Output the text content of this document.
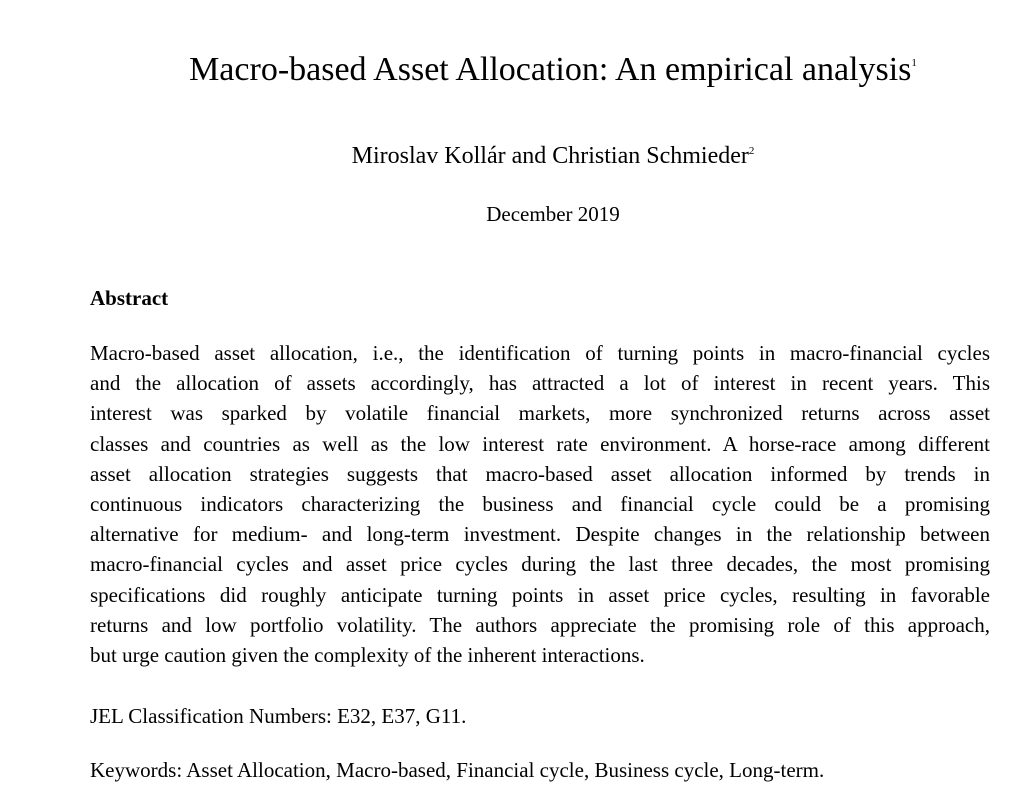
Macro-based Asset Allocation: An empirical analysis$^1$
Miroslav Kollár and Christian Schmieder$^2$
December 2019
Abstract
Macro-based asset allocation, i.e., the identification of turning points in macro-financial cycles
and the allocation of assets accordingly, has attracted a lot of interest in recent years. This
interest was sparked by volatile financial markets, more synchronized returns across asset
classes and countries as well as the low interest rate environment. A horse-race among different
asset allocation strategies suggests that macro-based asset allocation informed by trends in
continuous indicators characterizing the business and financial cycle could be a promising
alternative for medium- and long-term investment. Despite changes in the relationship between
macro-financial cycles and asset price cycles during the last three decades, the most promising
specifications did roughly anticipate turning points in asset price cycles, resulting in favorable
returns and low portfolio volatility. The authors appreciate the promising role of this approach,
but urge caution given the complexity of the inherent interactions.
JEL Classification Numbers: E32, E37, G11.
Keywords: Asset Allocation, Macro-based, Financial cycle, Business cycle, Long-term.
